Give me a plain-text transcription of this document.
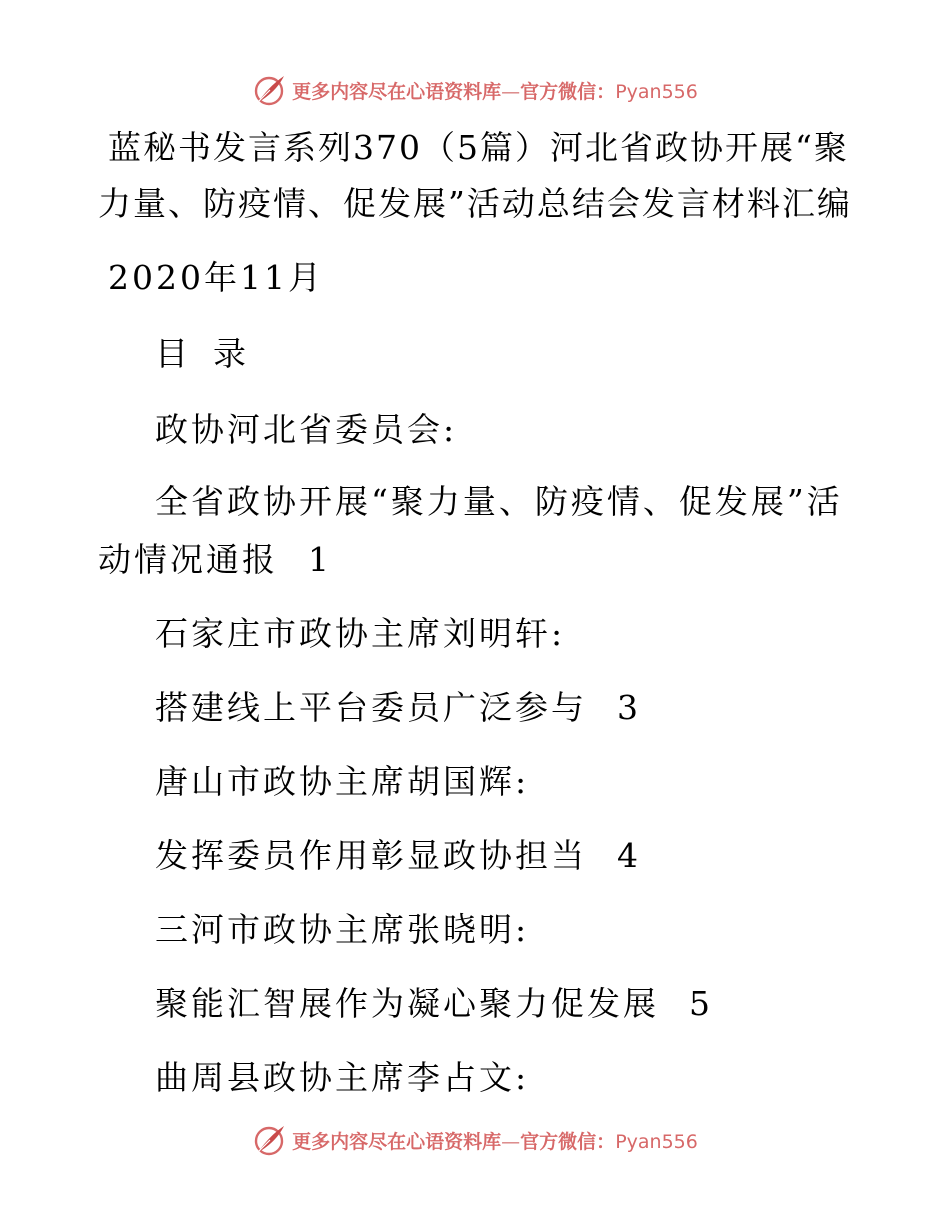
更多内容尽在心语资料库—官方微信：Pyan556
蓝秘书发言系列370（5篇）河北省政协开展“聚
力量、防疫情、促发展”活动总结会发言材料汇编
2020年11月
目 录
政协河北省委员会:
全省政协开展“聚力量、防疫情、促发展”活
动情况通报 1
石家庄市政协主席刘明轩:
搭建线上平台委员广泛参与 3
唐山市政协主席胡国辉:
发挥委员作用彰显政协担当 4
三河市政协主席张晓明:
聚能汇智展作为凝心聚力促发展 5
曲周县政协主席李占文:
更多内容尽在心语资料库—官方微信：Pyan556
